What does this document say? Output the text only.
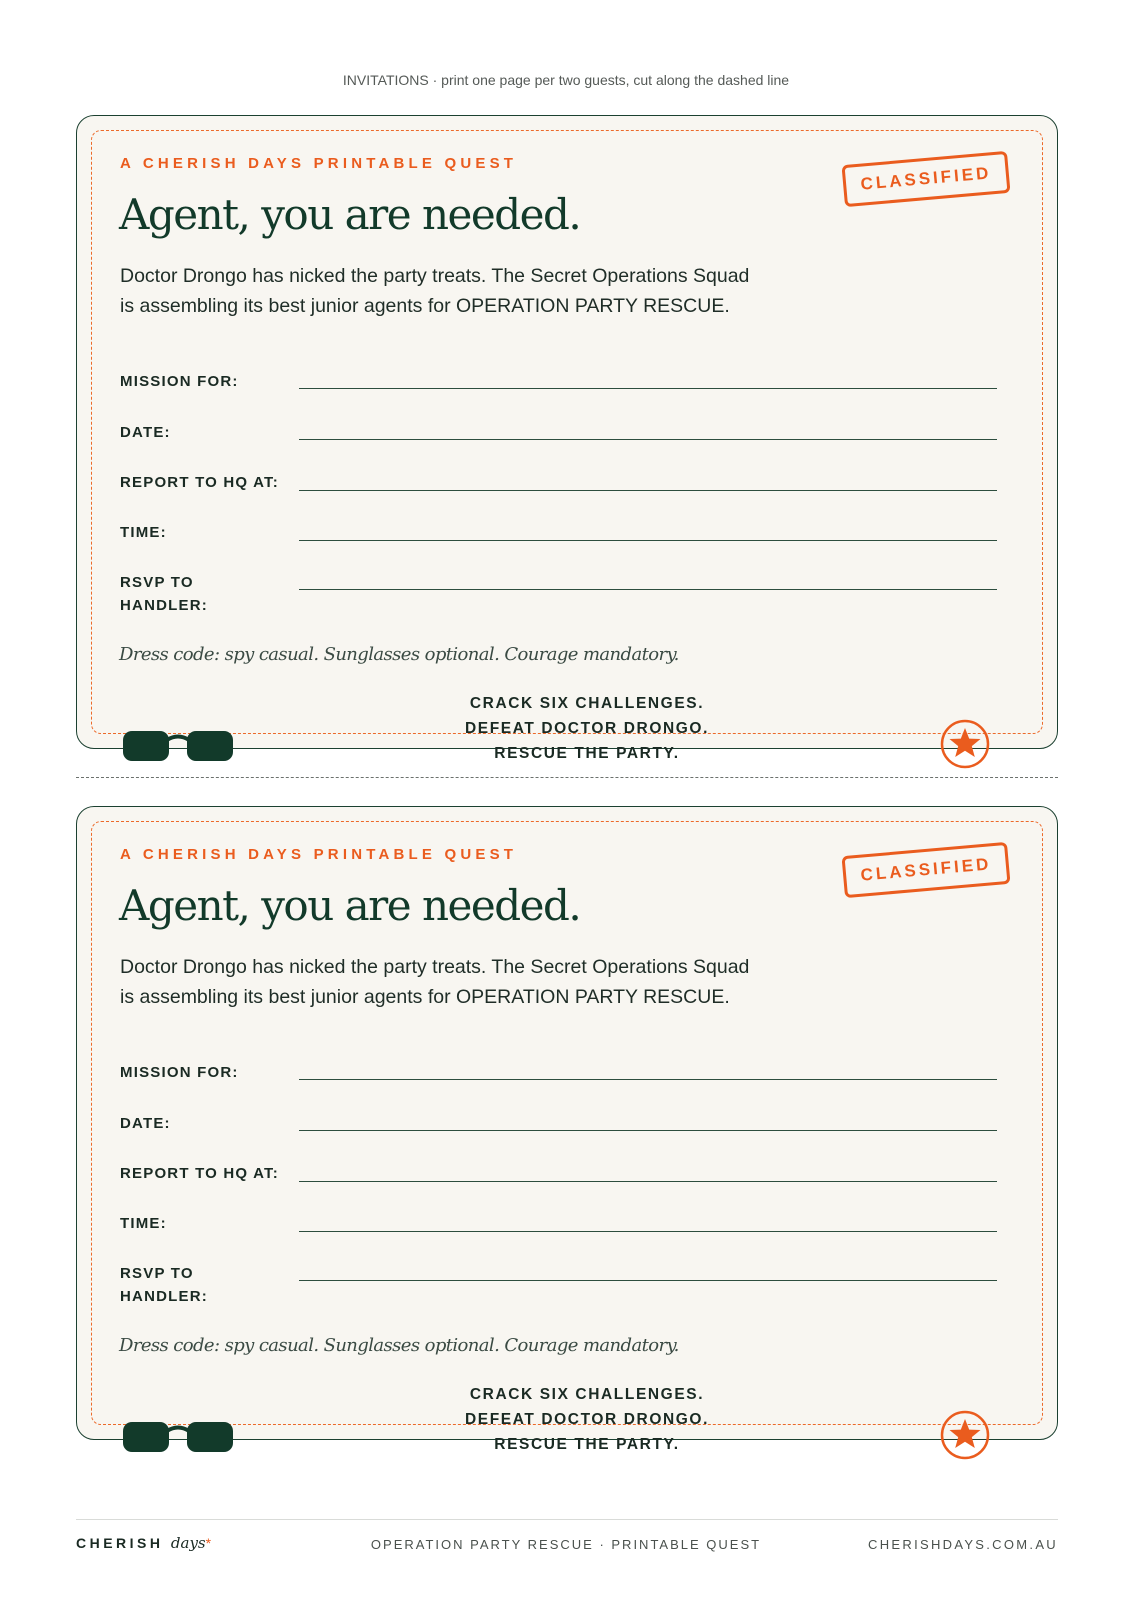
INVITATIONS · print one page per two guests, cut along the dashed line
A CHERISH DAYS PRINTABLE QUEST	CLASSIFIED
Agent, you are needed.
Doctor Drongo has nicked the party treats. The Secret Operations Squad is assembling its best junior agents for OPERATION PARTY RESCUE.
MISSION FOR:
DATE:
REPORT TO HQ AT:
TIME:
RSVP TO HANDLER:
Dress code: spy casual. Sunglasses optional. Courage mandatory.
CRACK SIX CHALLENGES.
DEFEAT DOCTOR DRONGO.
RESCUE THE PARTY.
A CHERISH DAYS PRINTABLE QUEST	CLASSIFIED
Agent, you are needed.
Doctor Drongo has nicked the party treats. The Secret Operations Squad is assembling its best junior agents for OPERATION PARTY RESCUE.
MISSION FOR:
DATE:
REPORT TO HQ AT:
TIME:
RSVP TO HANDLER:
Dress code: spy casual. Sunglasses optional. Courage mandatory.
CRACK SIX CHALLENGES.
DEFEAT DOCTOR DRONGO.
RESCUE THE PARTY.
CHERISH days*	OPERATION PARTY RESCUE · PRINTABLE QUEST	CHERISHDAYS.COM.AU
